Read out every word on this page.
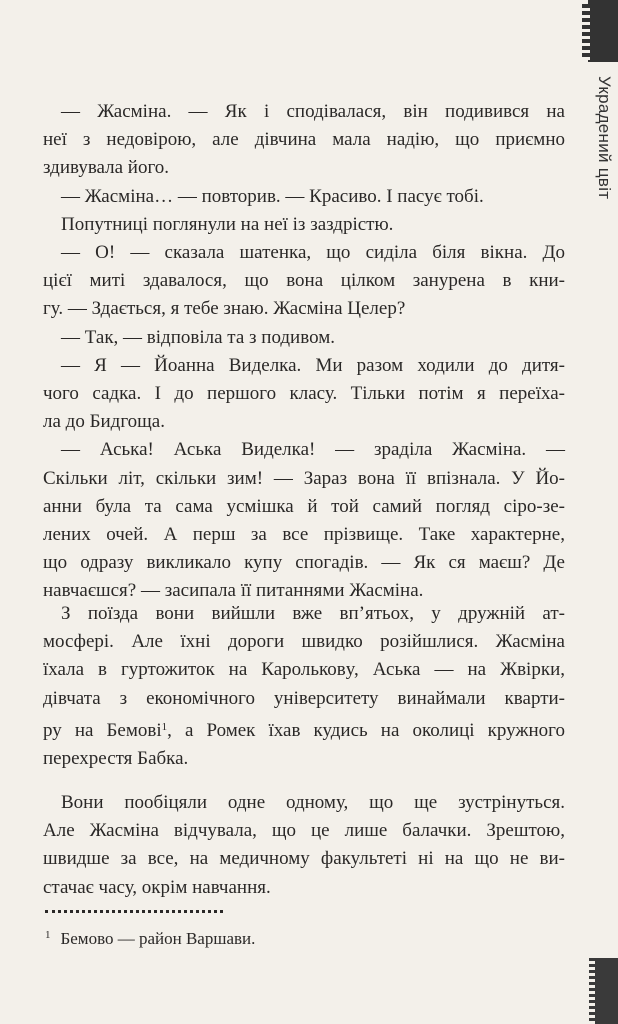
Украдений цвіт

— Жасміна. — Як і сподівалася, він подивився на

неї з недовірою, але дівчина мала надію, що приємно

здивувала його.

— Жасміна… — повторив. — Красиво. І пасує тобі.

Попутниці поглянули на неї із заздрістю.

— О! — сказала шатенка, що сиділа біля вікна. До

цієї миті здавалося, що вона цілком занурена в кни-

гу. — Здається, я тебе знаю. Жасміна Целер?

— Так, — відповіла та з подивом.

— Я — Йоанна Виделка. Ми разом ходили до дитя-

чого садка. І до першого класу. Тільки потім я переїха-

ла до Бидгоща.

— Аська! Аська Виделка! — зраділа Жасміна. —

Скільки літ, скільки зим! — Зараз вона її впізнала. У Йо-

анни була та сама усмішка й той самий погляд сіро-зе-

лених очей. А перш за все прізвище. Таке характерне,

що одразу викликало купу спогадів. — Як ся маєш? Де

навчаєшся? — засипала її питаннями Жасміна.

З поїзда вони вийшли вже вп’ятьох, у дружній ат-

мосфері. Але їхні дороги швидко розійшлися. Жасміна

їхала в гуртожиток на Карольковy, Аська — на Жвірки,

дівчата з економічного університету винаймали кварти-

ру на Бемові$^1$, а Ромек їхав кудись на околиці кружного

перехрестя Бабка.

Вони пообіцяли одне одному, що ще зустрінуться.

Але Жасміна відчувала, що це лише балачки. Зрештою,

швидше за все, на медичному факультеті ні на що не ви-

стачає часу, окрім навчання.

$^1$ Бемово — район Варшави.
